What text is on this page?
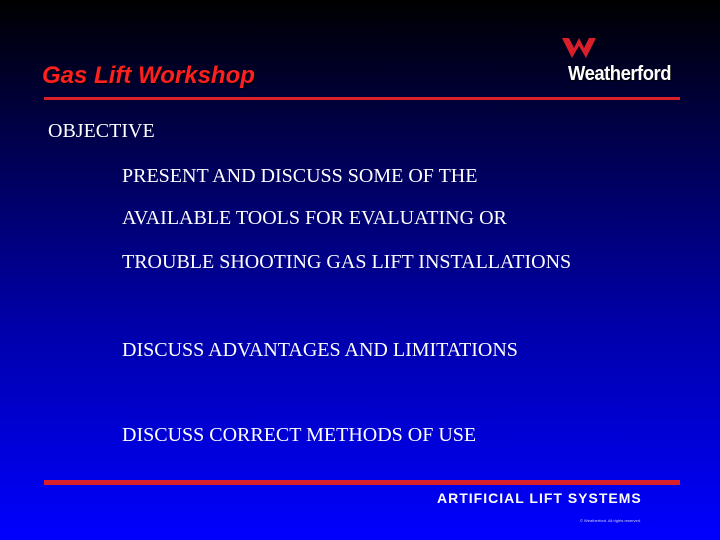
Gas Lift Workshop	Weatherford
OBJECTIVE
PRESENT AND DISCUSS SOME OF THE
AVAILABLE TOOLS FOR EVALUATING OR
TROUBLE SHOOTING GAS LIFT INSTALLATIONS
DISCUSS ADVANTAGES AND LIMITATIONS
DISCUSS CORRECT METHODS OF USE
ARTIFICIAL LIFT SYSTEMS
© Weatherford. All rights reserved.
